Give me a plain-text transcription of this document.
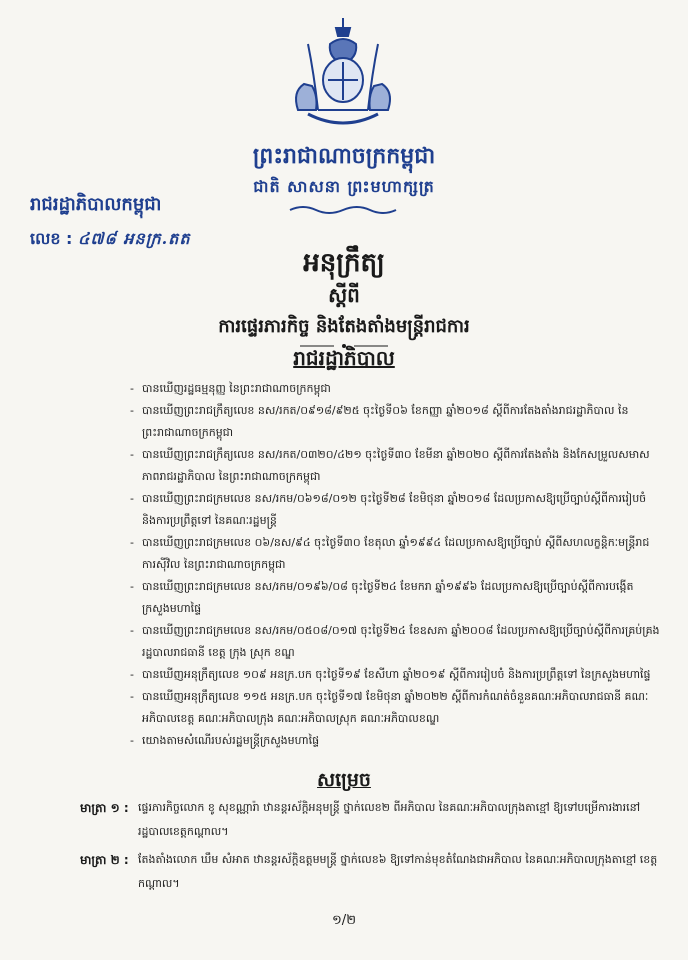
ព្រះរាជាណាចក្រកម្ពុជា
ជាតិ សាសនា ព្រះមហាក្សត្រ
រាជរដ្ឋាភិបាលកម្ពុជា
លេខ : ៤៧៨ អនក្រ.តត
អនុក្រឹត្យ
ស្តីពី
ការផ្ទេរភារកិច្ច និងតែងតាំងមន្ត្រីរាជការ
រាជរដ្ឋាភិបាល
- បានឃើញរដ្ឋធម្មនុញ្ញ នៃព្រះរាជាណាចក្រកម្ពុជា
- បានឃើញព្រះរាជក្រឹត្យលេខ នស/រកត/០៩១៨/៩២៥ ចុះថ្ងៃទី០៦ ខែកញ្ញា ឆ្នាំ២០១៨ ស្តីពីការតែងតាំងរាជរដ្ឋាភិបាល នៃព្រះរាជាណាចក្រកម្ពុជា
- បានឃើញព្រះរាជក្រឹត្យលេខ នស/រកត/០៣២០/៤២១ ចុះថ្ងៃទី៣០ ខែមីនា ឆ្នាំ២០២០ ស្តីពីការតែងតាំង និងកែសម្រួលសមាសភាពរាជរដ្ឋាភិបាល នៃព្រះរាជាណាចក្រកម្ពុជា
- បានឃើញព្រះរាជក្រមលេខ នស/រកម/០៦១៨/០១២ ចុះថ្ងៃទី២៨ ខែមិថុនា ឆ្នាំ២០១៨ ដែលប្រកាសឱ្យប្រើច្បាប់ស្តីពីការរៀបចំ និងការប្រព្រឹត្តទៅ នៃគណៈរដ្ឋមន្ត្រី
- បានឃើញព្រះរាជក្រមលេខ ០៦/នស/៩៤ ចុះថ្ងៃទី៣០ ខែតុលា ឆ្នាំ១៩៩៤ ដែលប្រកាសឱ្យប្រើច្បាប់ ស្តីពីសហលក្ខន្តិកៈមន្ត្រីរាជការស៊ីវិល នៃព្រះរាជាណាចក្រកម្ពុជា
- បានឃើញព្រះរាជក្រមលេខ នស/រកម/០១៩៦/០៨ ចុះថ្ងៃទី២៤ ខែមករា ឆ្នាំ១៩៩៦ ដែលប្រកាសឱ្យប្រើច្បាប់ស្តីពីការបង្កើតក្រសួងមហាផ្ទៃ
- បានឃើញព្រះរាជក្រមលេខ នស/រកម/០៥០៨/០១៧ ចុះថ្ងៃទី២៤ ខែឧសភា ឆ្នាំ២០០៨ ដែលប្រកាសឱ្យប្រើច្បាប់ស្តីពីការគ្រប់គ្រងរដ្ឋបាលរាជធានី ខេត្ត ក្រុង ស្រុក ខណ្ឌ
- បានឃើញអនុក្រឹត្យលេខ ១០៩ អនក្រ.បក ចុះថ្ងៃទី១៩ ខែសីហា ឆ្នាំ២០១៩ ស្តីពីការរៀបចំ និងការប្រព្រឹត្តទៅ នៃក្រសួងមហាផ្ទៃ
- បានឃើញអនុក្រឹត្យលេខ ១១៥ អនក្រ.បក ចុះថ្ងៃទី១៧ ខែមិថុនា ឆ្នាំ២០២២ ស្តីពីការកំណត់ចំនួនគណៈអភិបាលរាជធានី គណៈអភិបាលខេត្ត គណៈអភិបាលក្រុង គណៈអភិបាលស្រុក គណៈអភិបាលខណ្ឌ
- យោងតាមសំណើរបស់រដ្ឋមន្ត្រីក្រសួងមហាផ្ទៃ
សម្រេច
មាត្រា ១ : ផ្ទេរភារកិច្ចលោក ខូ សុខណ្ណារ៉ា ឋានន្តរស័ក្តិអនុមន្ត្រី ថ្នាក់លេខ២ ពីអភិបាល នៃគណៈអភិបាលក្រុងតាខ្មៅ ឱ្យទៅបម្រើការងារនៅរដ្ឋបាលខេត្តកណ្តាល។
មាត្រា ២ : តែងតាំងលោក ឃឹម សំអាត ឋានន្តរស័ក្តិឧត្តមមន្ត្រី ថ្នាក់លេខ៦ ឱ្យទៅកាន់មុខតំណែងជាអភិបាល នៃគណៈអភិបាលក្រុងតាខ្មៅ ខេត្តកណ្តាល។
១/២
